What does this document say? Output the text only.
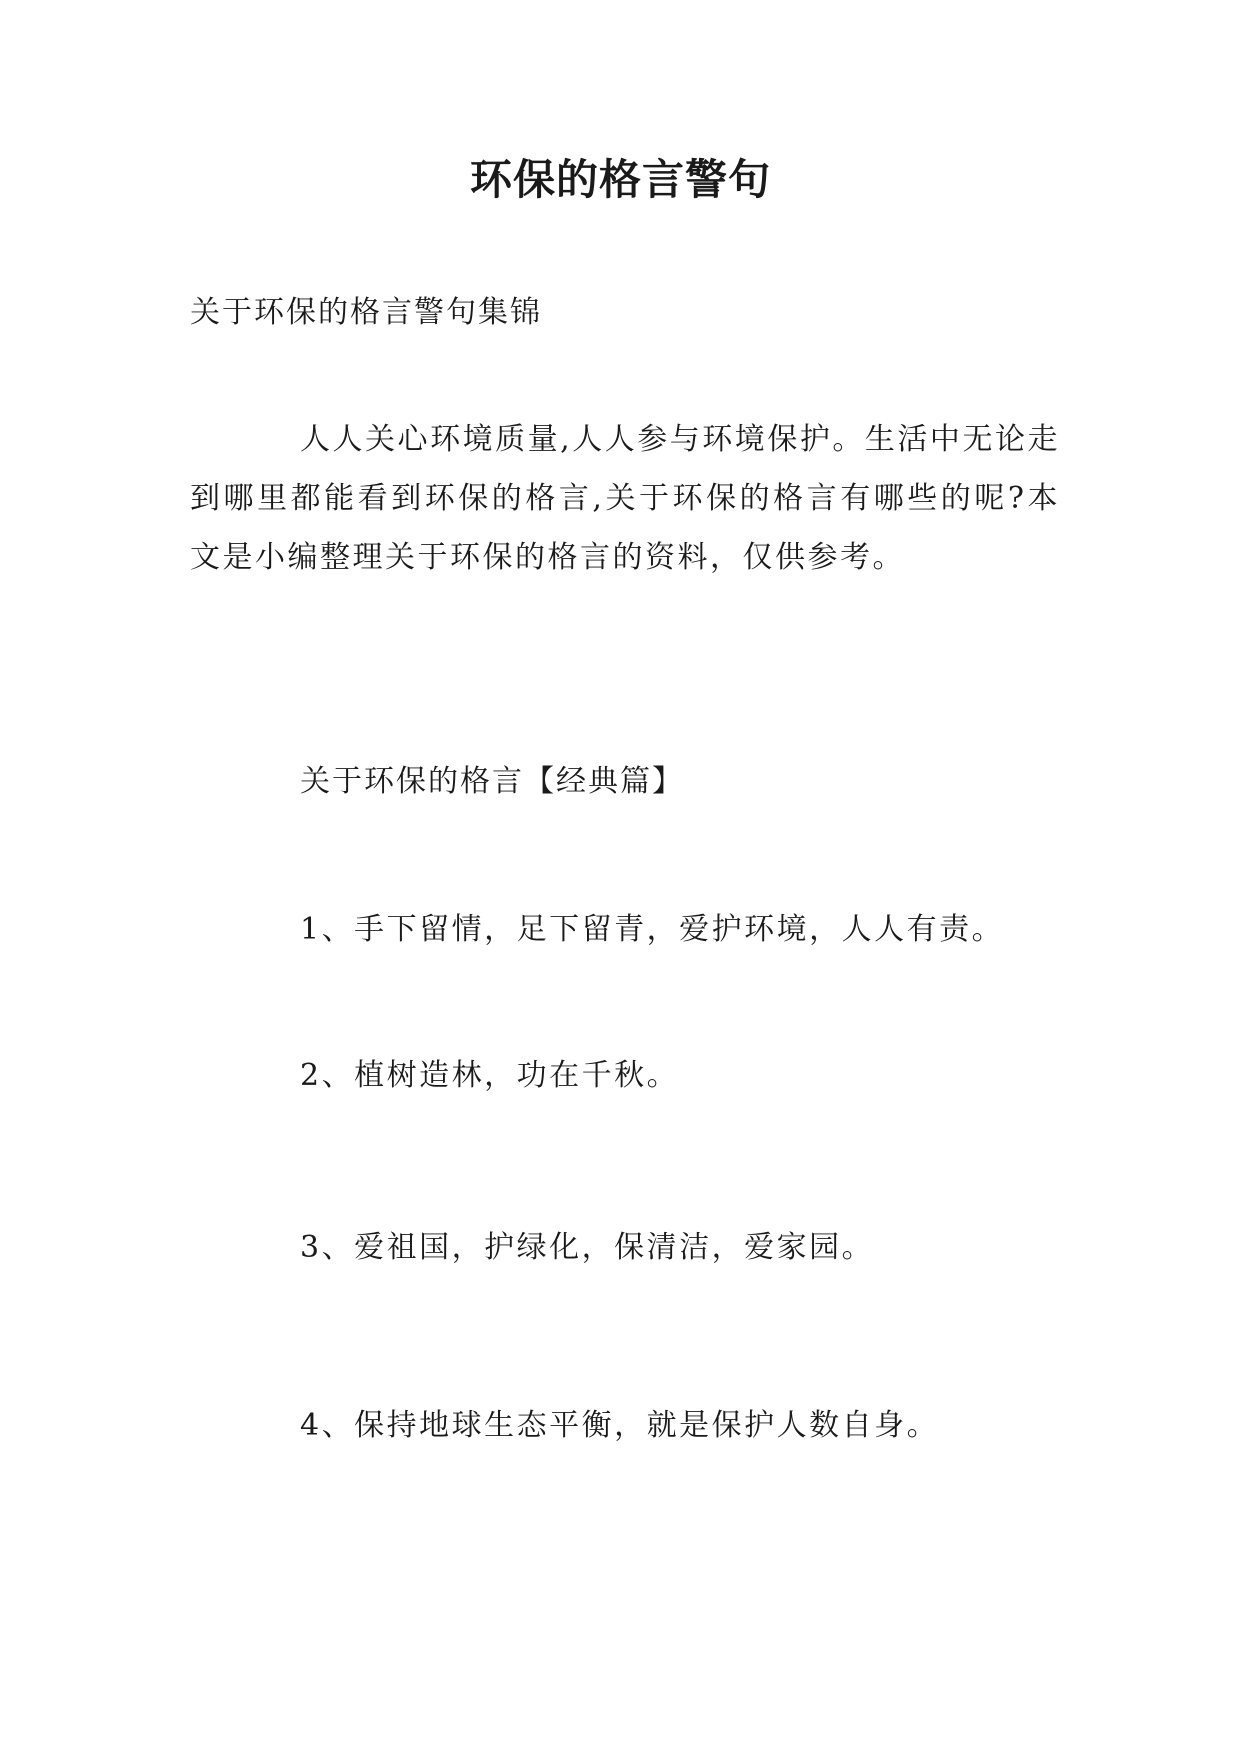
环保的格言警句

关于环保的格言警句集锦

人人关心环境质量,人人参与环境保护。生活中无论走到哪里都能看到环保的格言,关于环保的格言有哪些的呢?本文是小编整理关于环保的格言的资料，仅供参考。

关于环保的格言【经典篇】

1、手下留情，足下留青，爱护环境，人人有责。

2、植树造林，功在千秋。

3、爱祖国，护绿化，保清洁，爱家园。

4、保持地球生态平衡，就是保护人数自身。
